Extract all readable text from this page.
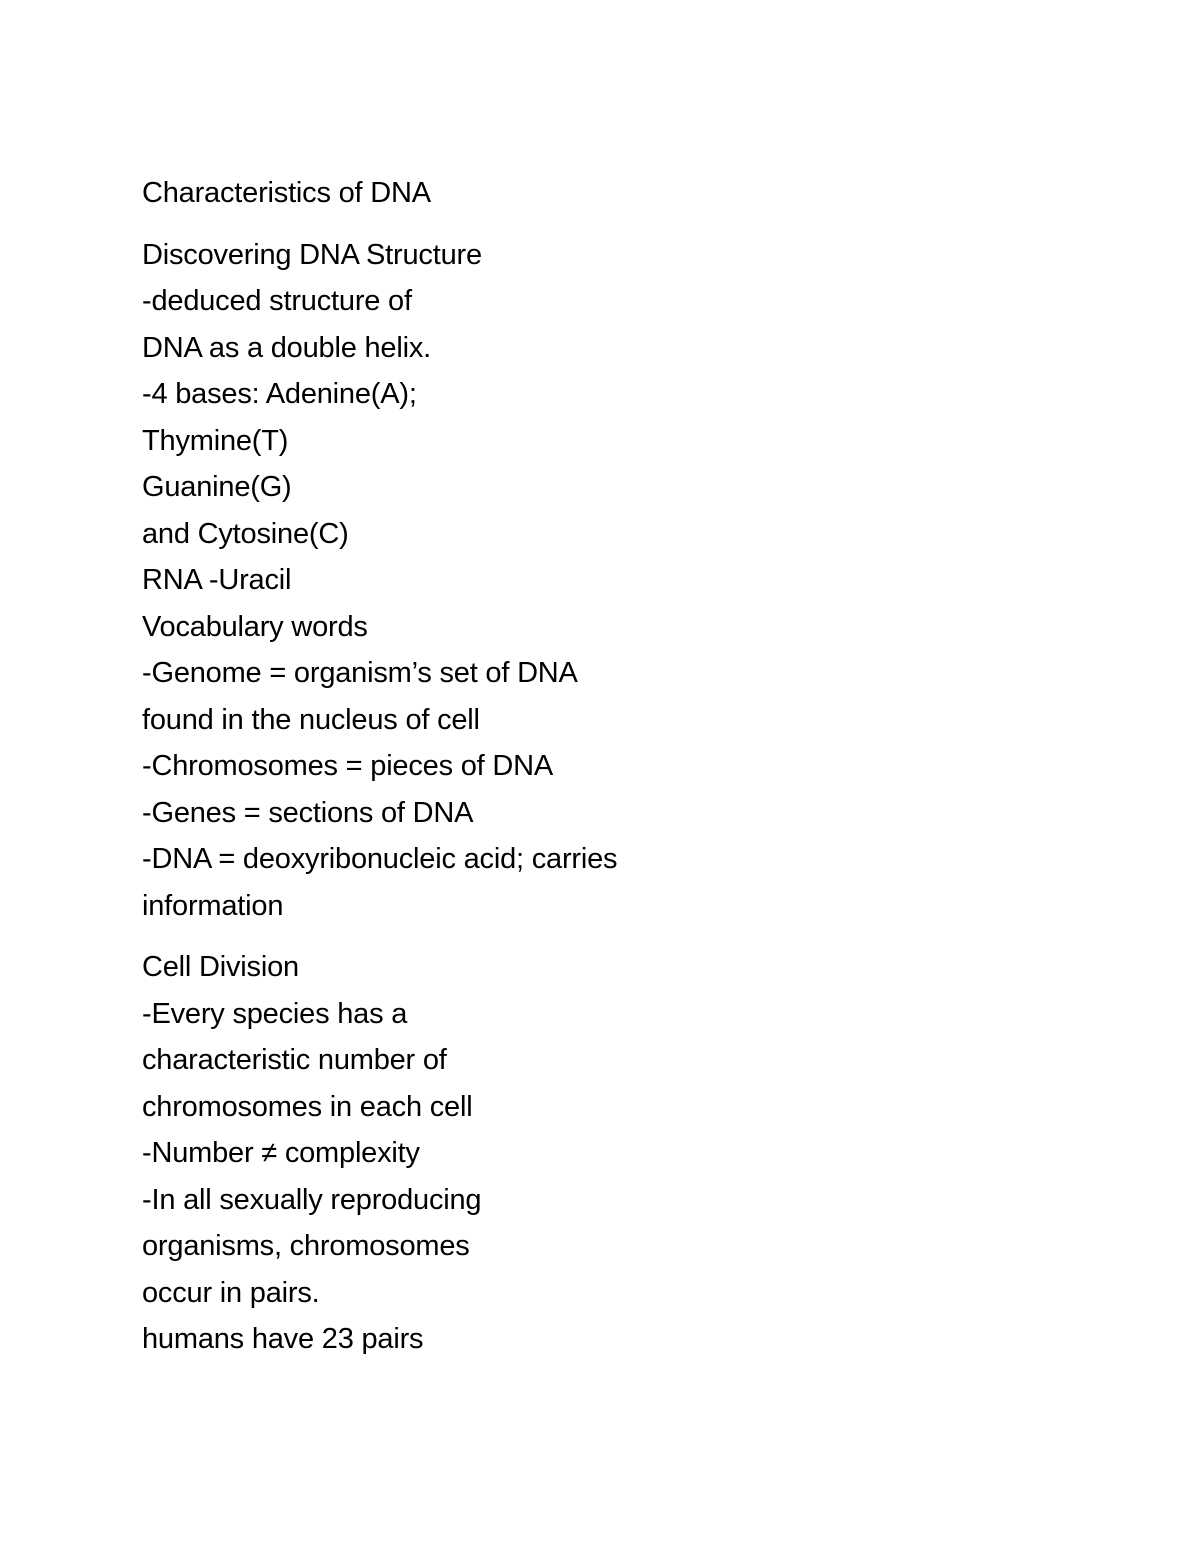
Characteristics of DNA
Discovering DNA Structure
-deduced structure of
DNA as a double helix.
-4 bases: Adenine(A);
Thymine(T)
Guanine(G)
and Cytosine(C)
RNA -Uracil
Vocabulary words
-Genome = organism’s set of DNA
found in the nucleus of cell
-Chromosomes = pieces of DNA
-Genes = sections of DNA
-DNA = deoxyribonucleic acid; carries
information
Cell Division
-Every species has a
characteristic number of
chromosomes in each cell
-Number ≠ complexity
-In all sexually reproducing
organisms, chromosomes
occur in pairs.
humans have 23 pairs
